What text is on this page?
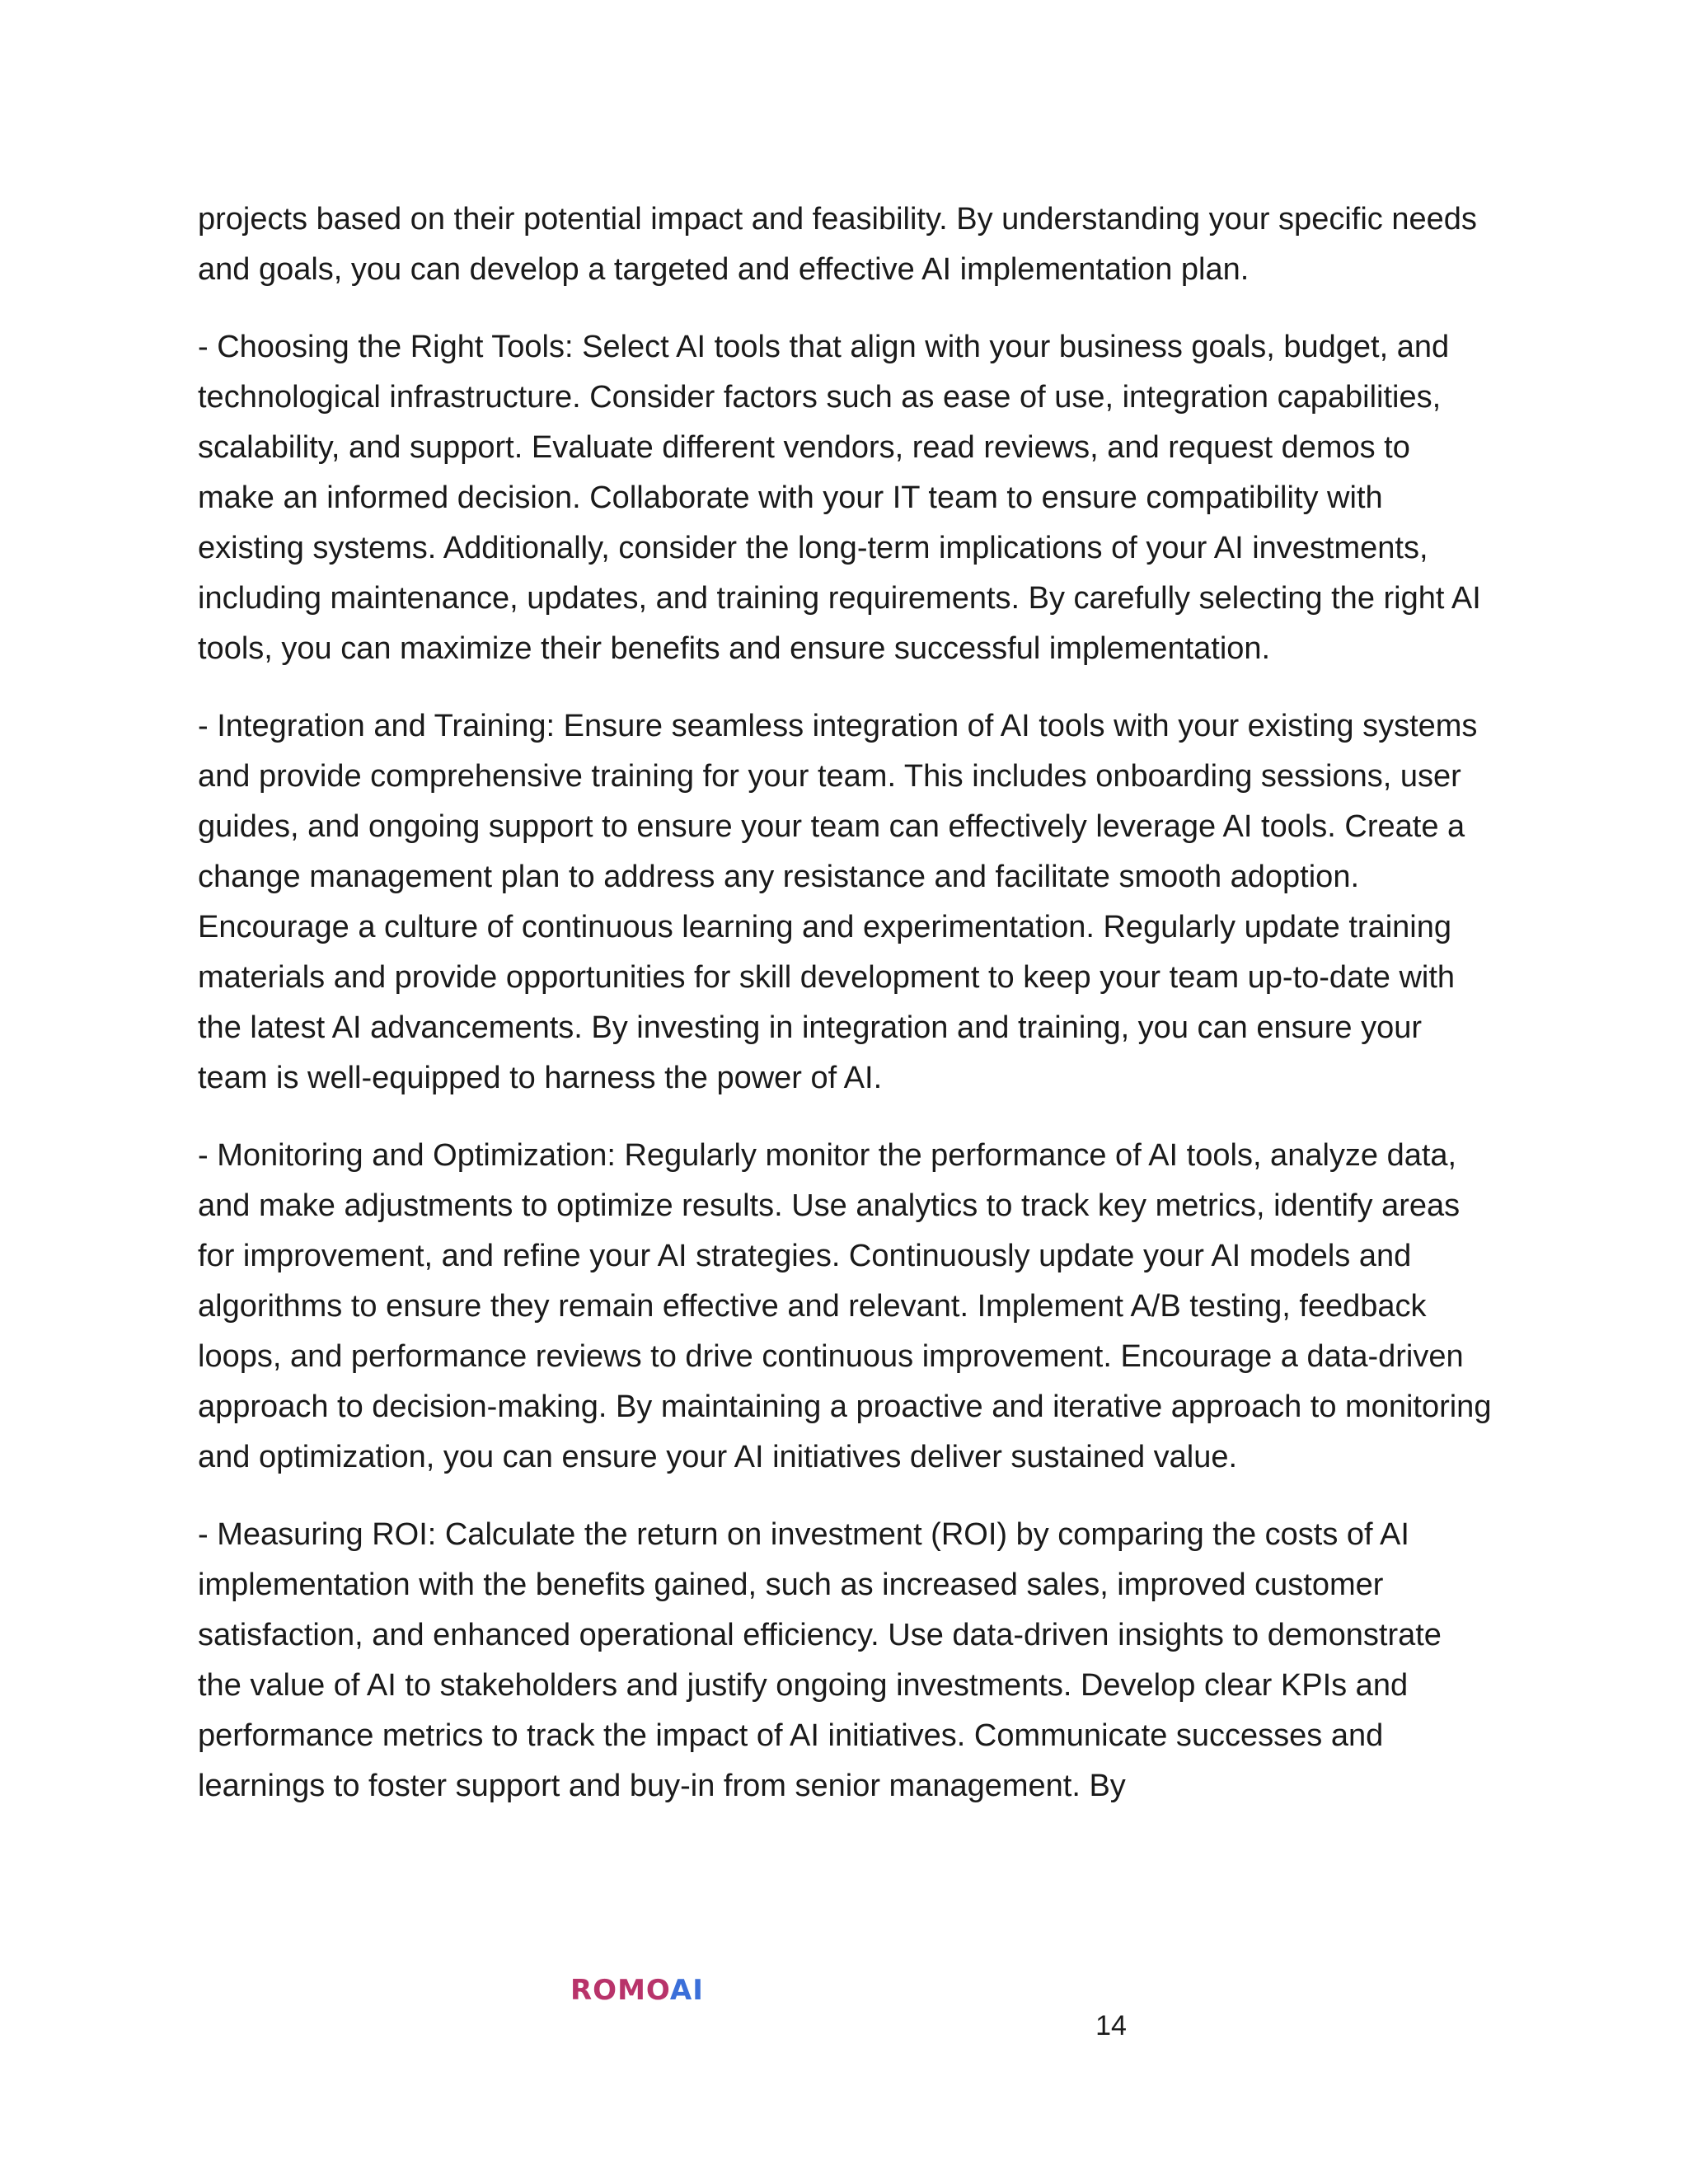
projects based on their potential impact and feasibility. By understanding your specific needs and goals, you can develop a targeted and effective AI implementation plan.

- Choosing the Right Tools: Select AI tools that align with your business goals, budget, and technological infrastructure. Consider factors such as ease of use, integration capabilities, scalability, and support. Evaluate different vendors, read reviews, and request demos to make an informed decision. Collaborate with your IT team to ensure compatibility with existing systems. Additionally, consider the long-term implications of your AI investments, including maintenance, updates, and training requirements. By carefully selecting the right AI tools, you can maximize their benefits and ensure successful implementation.

- Integration and Training: Ensure seamless integration of AI tools with your existing systems and provide comprehensive training for your team. This includes onboarding sessions, user guides, and ongoing support to ensure your team can effectively leverage AI tools. Create a change management plan to address any resistance and facilitate smooth adoption. Encourage a culture of continuous learning and experimentation. Regularly update training materials and provide opportunities for skill development to keep your team up-to-date with the latest AI advancements. By investing in integration and training, you can ensure your team is well-equipped to harness the power of AI.

- Monitoring and Optimization: Regularly monitor the performance of AI tools, analyze data, and make adjustments to optimize results. Use analytics to track key metrics, identify areas for improvement, and refine your AI strategies. Continuously update your AI models and algorithms to ensure they remain effective and relevant. Implement A/B testing, feedback loops, and performance reviews to drive continuous improvement. Encourage a data-driven approach to decision-making. By maintaining a proactive and iterative approach to monitoring and optimization, you can ensure your AI initiatives deliver sustained value.

- Measuring ROI: Calculate the return on investment (ROI) by comparing the costs of AI implementation with the benefits gained, such as increased sales, improved customer satisfaction, and enhanced operational efficiency. Use data-driven insights to demonstrate the value of AI to stakeholders and justify ongoing investments. Develop clear KPIs and performance metrics to track the impact of AI initiatives. Communicate successes and learnings to foster support and buy-in from senior management. By

ROMOAI
14
